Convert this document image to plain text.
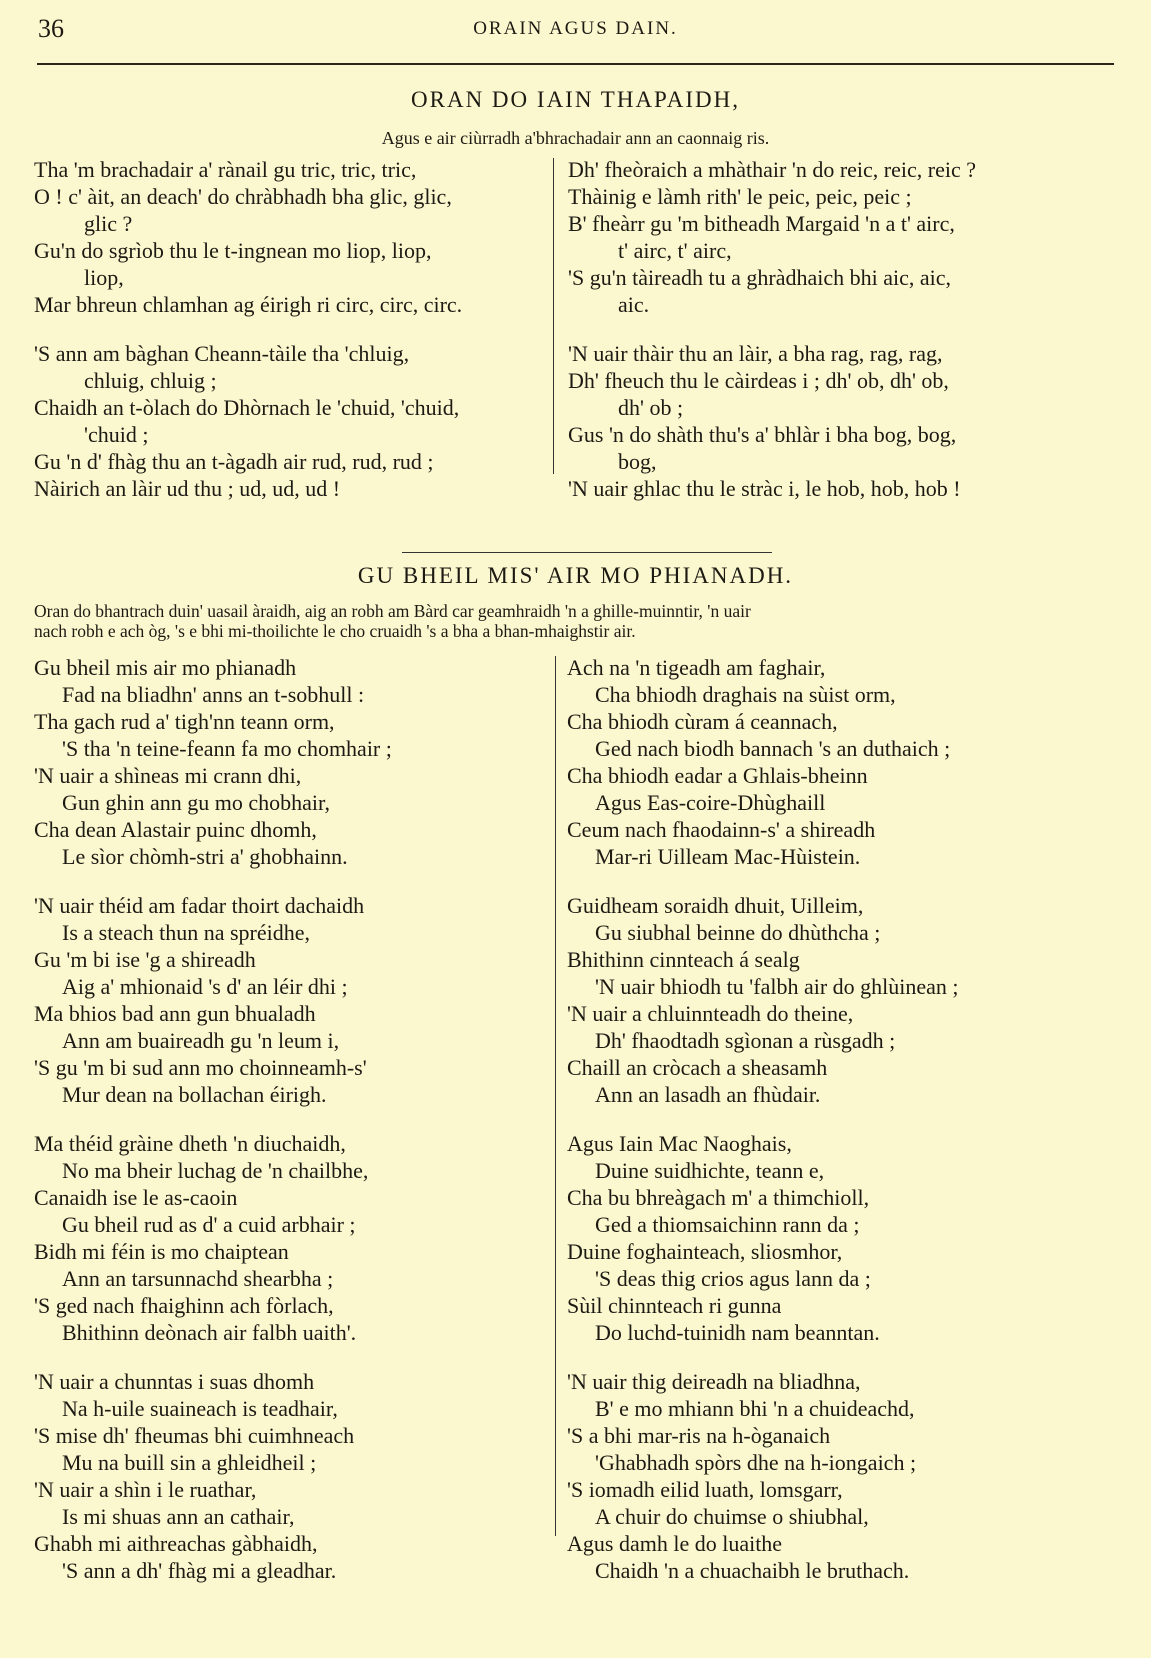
36	ORAIN AGUS DAIN.
ORAN DO IAIN THAPAIDH,
Agus e air ciùrradh a'bhrachadair ann an caonnaig ris.
Tha 'm brachadair a' rànail gu tric, tric, tric,
O ! c' àit, an deach' do chràbhadh bha glic, glic,
glic ?
Gu'n do sgrìob thu le t-ingnean mo liop, liop,
liop,
Mar bhreun chlamhan ag éirigh ri circ, circ, circ.
'S ann am bàghan Cheann-tàile tha 'chluig,
chluig, chluig ;
Chaidh an t-òlach do Dhòrnach le 'chuid, 'chuid,
'chuid ;
Gu 'n d' fhàg thu an t-àgadh air rud, rud, rud ;
Nàirich an làir ud thu ; ud, ud, ud !
Dh' fheòraich a mhàthair 'n do reic, reic, reic ?
Thàinig e làmh rith' le peic, peic, peic ;
B' fheàrr gu 'm bitheadh Margaid 'n a t' airc,
t' airc, t' airc,
'S gu'n tàireadh tu a ghràdhaich bhi aic, aic,
aic.
'N uair thàir thu an làir, a bha rag, rag, rag,
Dh' fheuch thu le càirdeas i ; dh' ob, dh' ob,
dh' ob ;
Gus 'n do shàth thu's a' bhlàr i bha bog, bog,
bog,
'N uair ghlac thu le stràc i, le hob, hob, hob !
GU BHEIL MIS' AIR MO PHIANADH.
Oran do bhantrach duin' uasail àraidh, aig an robh am Bàrd car geamhraidh 'n a ghille-muinntir, 'n uair
nach robh e ach òg, 's e bhi mi-thoilichte le cho cruaidh 's a bha a bhan-mhaighstir air.
Gu bheil mis air mo phianadh
Fad na bliadhn' anns an t-sobhull :
Tha gach rud a' tigh'nn teann orm,
'S tha 'n teine-feann fa mo chomhair ;
'N uair a shìneas mi crann dhi,
Gun ghin ann gu mo chobhair,
Cha dean Alastair puinc dhomh,
Le sìor chòmh-stri a' ghobhainn.
'N uair théid am fadar thoirt dachaidh
Is a steach thun na spréidhe,
Gu 'm bi ise 'g a shireadh
Aig a' mhionaid 's d' an léir dhi ;
Ma bhios bad ann gun bhualadh
Ann am buaireadh gu 'n leum i,
'S gu 'm bi sud ann mo choinneamh-s'
Mur dean na bollachan éirigh.
Ma théid gràine dheth 'n diuchaidh,
No ma bheir luchag de 'n chailbhe,
Canaidh ise le as-caoin
Gu bheil rud as d' a cuid arbhair ;
Bidh mi féin is mo chaiptean
Ann an tarsunnachd shearbha ;
'S ged nach fhaighinn ach fòrlach,
Bhithinn deònach air falbh uaith'.
'N uair a chunntas i suas dhomh
Na h-uile suaineach is teadhair,
'S mise dh' fheumas bhi cuimhneach
Mu na buill sin a ghleidheil ;
'N uair a shìn i le ruathar,
Is mi shuas ann an cathair,
Ghabh mi aithreachas gàbhaidh,
'S ann a dh' fhàg mi a gleadhar.
Ach na 'n tigeadh am faghair,
Cha bhiodh draghais na sùist orm,
Cha bhiodh cùram á ceannach,
Ged nach biodh bannach 's an duthaich ;
Cha bhiodh eadar a Ghlais-bheinn
Agus Eas-coire-Dhùghaill
Ceum nach fhaodainn-s' a shireadh
Mar-ri Uilleam Mac-Hùistein.
Guidheam soraidh dhuit, Uilleim,
Gu siubhal beinne do dhùthcha ;
Bhithinn cinnteach á sealg
'N uair bhiodh tu 'falbh air do ghlùinean ;
'N uair a chluinnteadh do theine,
Dh' fhaodtadh sgìonan a rùsgadh ;
Chaill an cròcach a sheasamh
Ann an lasadh an fhùdair.
Agus Iain Mac Naoghais,
Duine suidhichte, teann e,
Cha bu bhreàgach m' a thimchioll,
Ged a thiomsaichinn rann da ;
Duine foghainteach, sliosmhor,
'S deas thig crios agus lann da ;
Sùil chinnteach ri gunna
Do luchd-tuinidh nam beanntan.
'N uair thig deireadh na bliadhna,
B' e mo mhiann bhi 'n a chuideachd,
'S a bhi mar-ris na h-òganaich
'Ghabhadh spòrs dhe na h-iongaich ;
'S iomadh eilid luath, lomsgarr,
A chuir do chuimse o shiubhal,
Agus damh le do luaithe
Chaidh 'n a chuachaibh le bruthach.
